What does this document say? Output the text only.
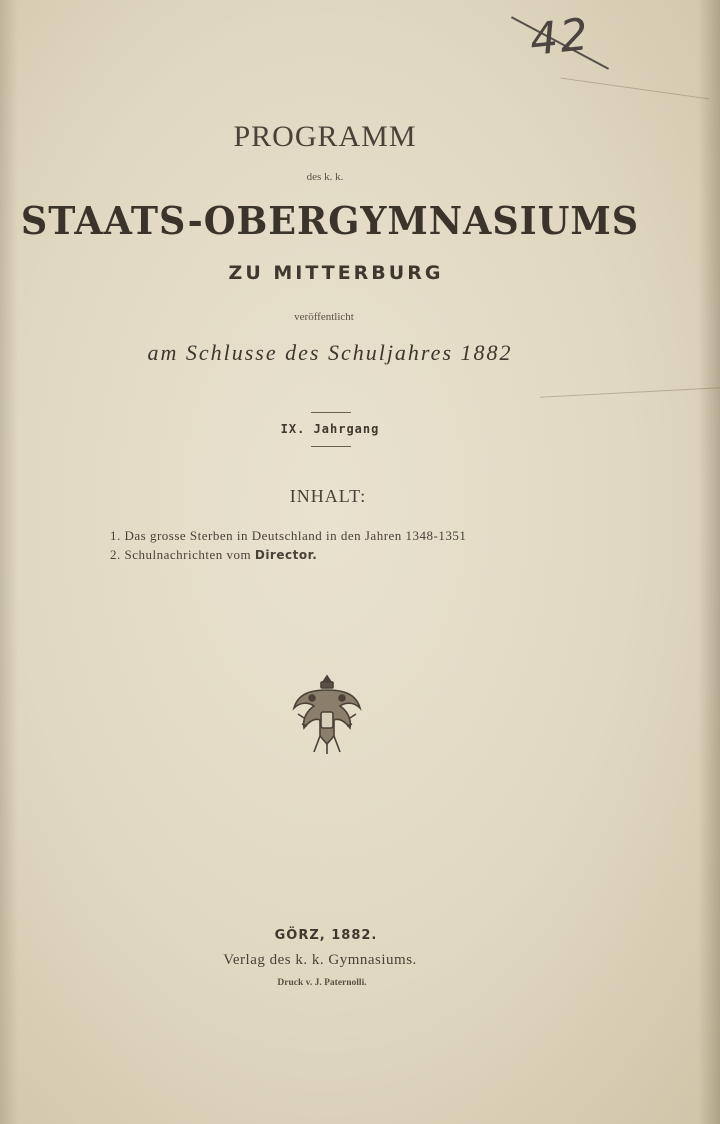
42
PROGRAMM
des k. k.
STAATS-OBERGYMNASIUMS
ZU MITTERBURG
veröffentlicht
am Schlusse des Schuljahres 1882
IX. Jahrgang
INHALT:
1. Das grosse Sterben in Deutschland in den Jahren 1348-1351
2. Schulnachrichten vom Director.
GÖRZ, 1882.
Verlag des k. k. Gymnasiums.
Druck v. J. Paternolli.
